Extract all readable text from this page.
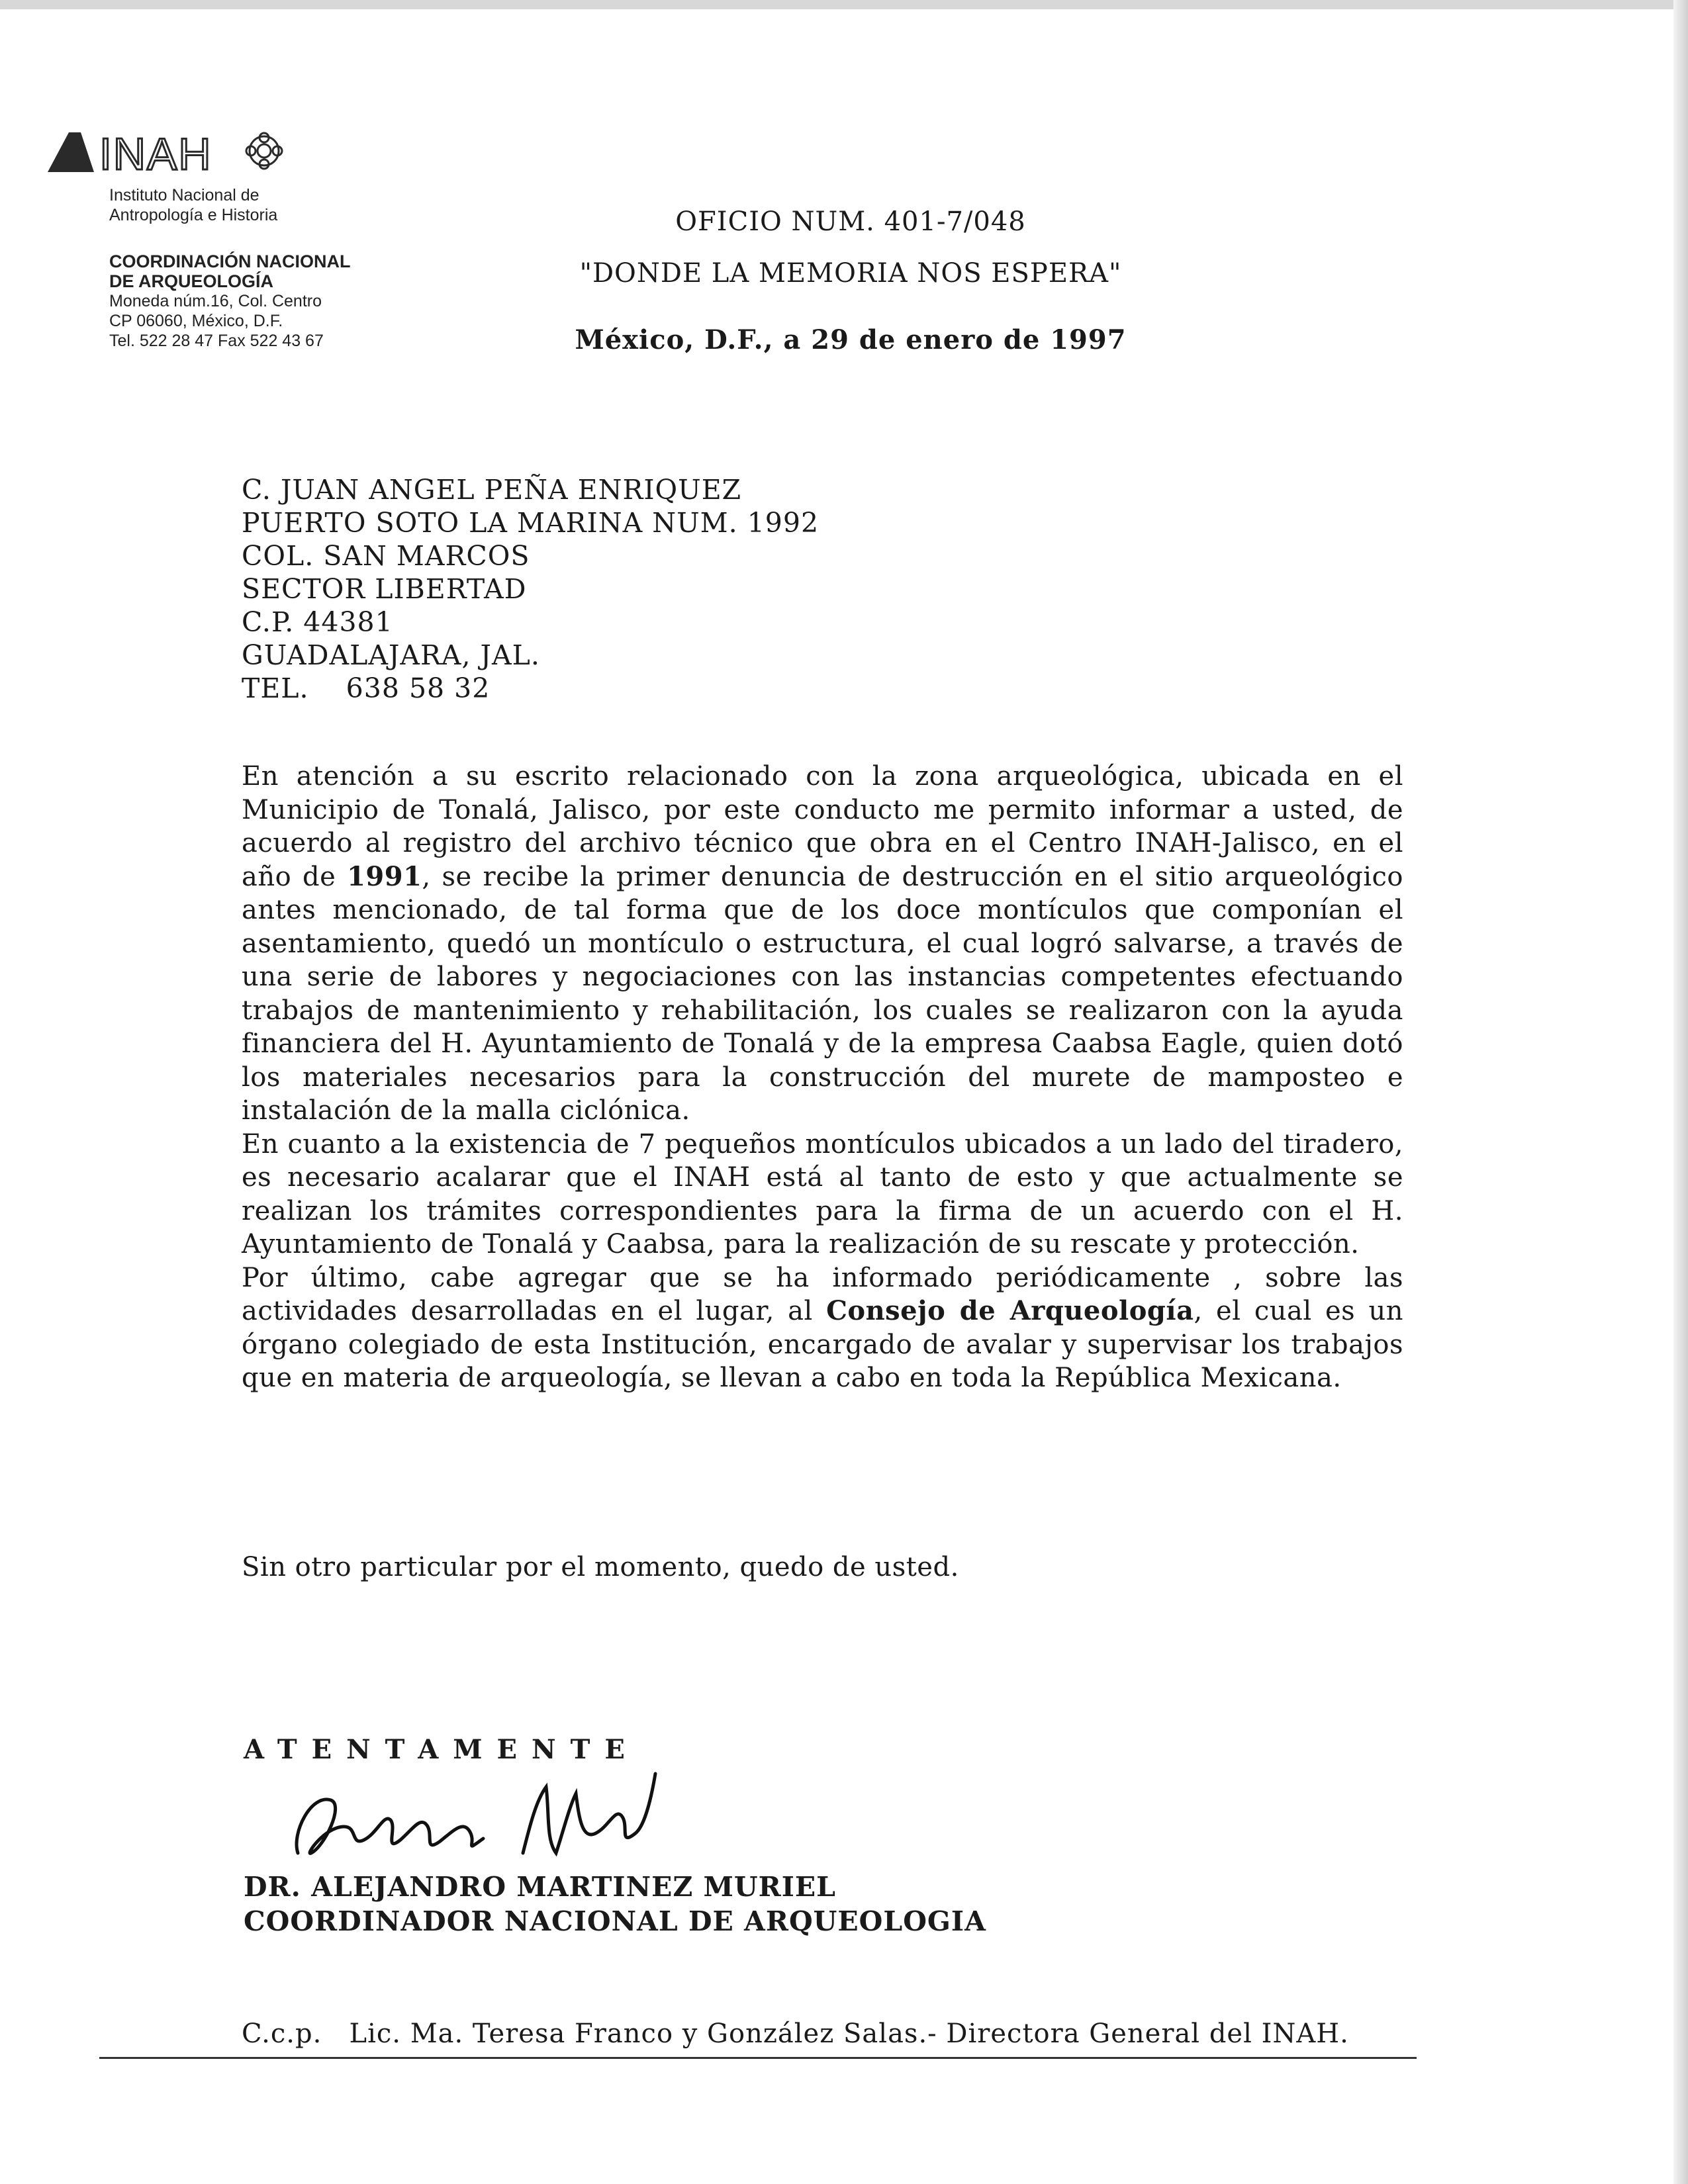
INAH
Instituto Nacional de
Antropología e Historia
COORDINACIÓN NACIONAL
DE ARQUEOLOGÍA
Moneda núm.16, Col. Centro
CP 06060, México, D.F.
Tel. 522 28 47 Fax 522 43 67
OFICIO NUM. 401-7/048
"DONDE LA MEMORIA NOS ESPERA"
México, D.F., a 29 de enero de 1997
C. JUAN ANGEL PEÑA ENRIQUEZ
PUERTO SOTO LA MARINA NUM. 1992
COL. SAN MARCOS
SECTOR LIBERTAD
C.P. 44381
GUADALAJARA, JAL.
TEL.    638 58 32

En atención a su escrito relacionado con la zona arqueológica, ubicada en el Municipio de Tonalá, Jalisco, por este conducto me permito informar a usted, de acuerdo al registro del archivo técnico que obra en el Centro INAH-Jalisco, en el año de 1991, se recibe la primer denuncia de destrucción en el sitio arqueológico antes mencionado, de tal forma que de los doce montículos que componían el asentamiento, quedó un montículo o estructura, el cual logró salvarse, a través de una serie de labores y negociaciones con las instancias competentes efectuando trabajos de mantenimiento y rehabilitación, los cuales se realizaron con la ayuda financiera del H. Ayuntamiento de Tonalá y de la empresa Caabsa Eagle, quien dotó los materiales necesarios para la construcción del murete de mamposteo e instalación de la malla ciclónica.

En cuanto a la existencia de 7 pequeños montículos ubicados a un lado del tiradero, es necesario acalarar que el INAH está al tanto de esto y que actualmente se realizan los trámites correspondientes para la firma de un acuerdo con el H. Ayuntamiento de Tonalá y Caabsa, para la realización de su rescate y protección.

Por último, cabe agregar que se ha informado periódicamente , sobre las actividades desarrolladas en el lugar, al Consejo de Arqueología, el cual es un órgano colegiado de esta Institución, encargado de avalar y supervisar los trabajos que en materia de arqueología, se llevan a cabo en toda la República Mexicana.

Sin otro particular por el momento, quedo de usted.
ATENTAMENTE
DR. ALEJANDRO MARTINEZ MURIEL
COORDINADOR NACIONAL DE ARQUEOLOGIA
C.c.p. Lic. Ma. Teresa Franco y González Salas.- Directora General del INAH.
